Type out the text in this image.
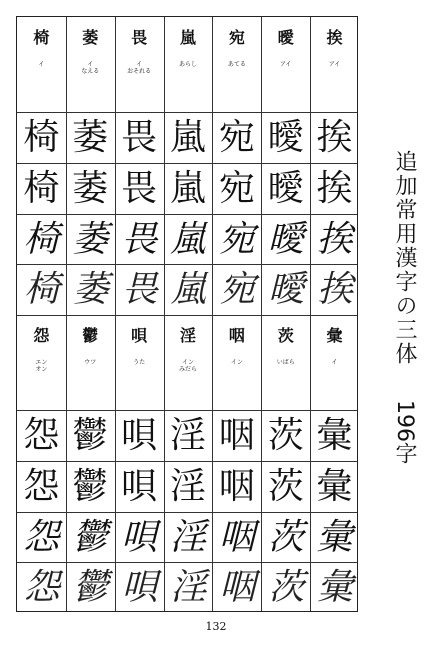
挨
アイ
挨
挨
挨
挨
曖
アイ
曖
曖
曖
曖
宛
あてる
宛
宛
宛
宛
嵐
あらし
嵐
嵐
嵐
嵐
畏
イ
おそれる
畏
畏
畏
畏
萎
イ
なえる
萎
萎
萎
萎
椅
イ
椅
椅
椅
椅
彙
イ
彙
彙
彙
彙
茨
いばら
茨
茨
茨
茨
咽
イン
咽
咽
咽
咽
淫
イン
みだら
淫
淫
淫
淫
唄
うた
唄
唄
唄
唄
鬱
ウツ
鬱
鬱
鬱
鬱
怨
エン
オン
怨
怨
怨
怨
追加常用漢字の三体
196字
132
